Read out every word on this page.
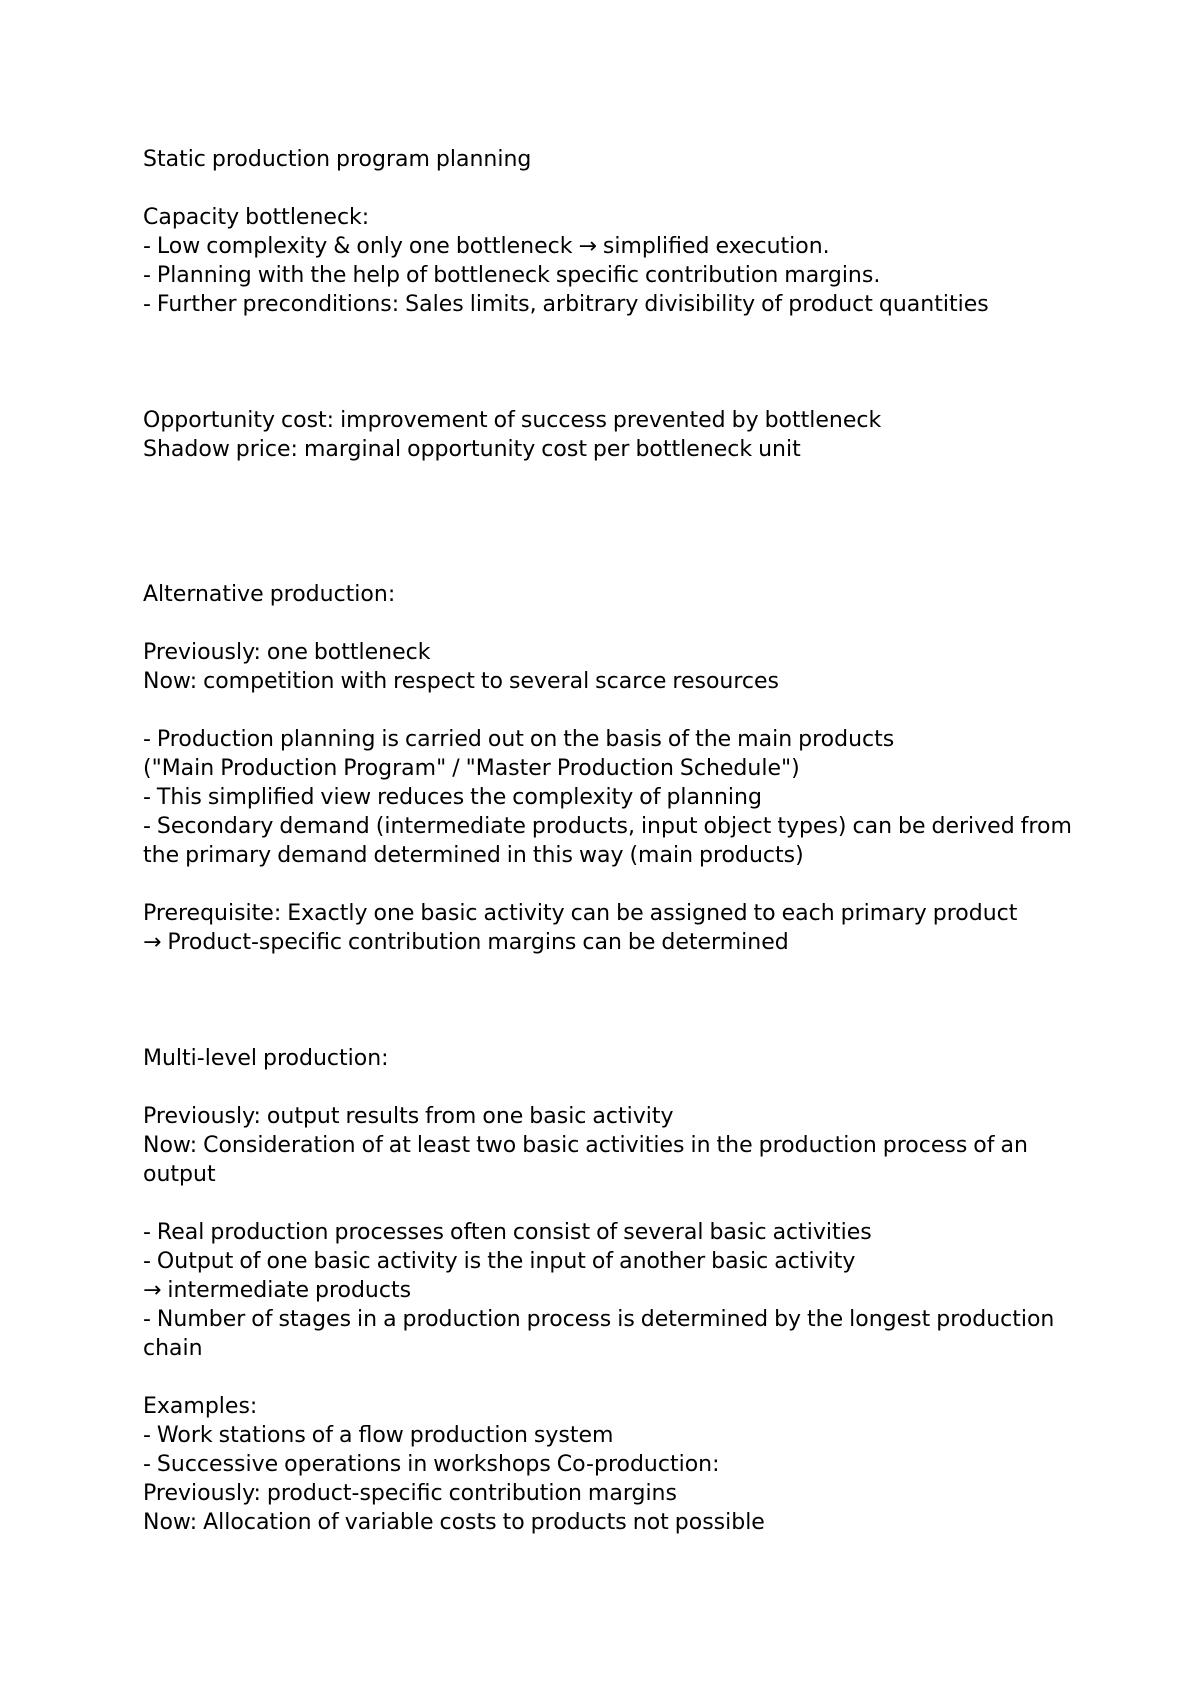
Static production program planning
Capacity bottleneck:
- Low complexity & only one bottleneck → simplified execution.
- Planning with the help of bottleneck specific contribution margins.
- Further preconditions: Sales limits, arbitrary divisibility of product quantities
Opportunity cost: improvement of success prevented by bottleneck
Shadow price: marginal opportunity cost per bottleneck unit
Alternative production:
Previously: one bottleneck
Now: competition with respect to several scarce resources
- Production planning is carried out on the basis of the main products
("Main Production Program" / "Master Production Schedule")
- This simplified view reduces the complexity of planning
- Secondary demand (intermediate products, input object types) can be derived from
the primary demand determined in this way (main products)
Prerequisite: Exactly one basic activity can be assigned to each primary product
→ Product-specific contribution margins can be determined
Multi-level production:
Previously: output results from one basic activity
Now: Consideration of at least two basic activities in the production process of an
output
- Real production processes often consist of several basic activities
- Output of one basic activity is the input of another basic activity
→ intermediate products
- Number of stages in a production process is determined by the longest production
chain
Examples:
- Work stations of a flow production system
- Successive operations in workshops Co-production:
Previously: product-specific contribution margins
Now: Allocation of variable costs to products not possible
